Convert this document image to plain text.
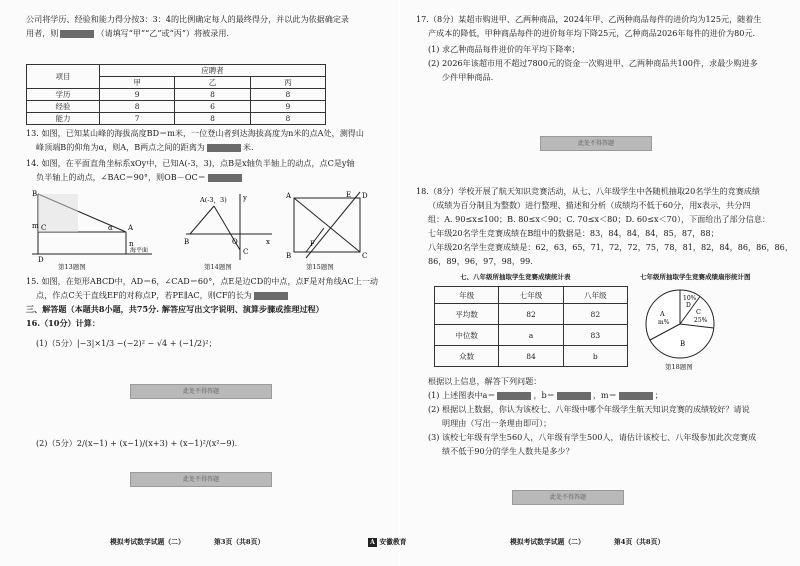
公司将学历、经验和能力得分按3：3：4的比例确定每人的最终得分，并以此为依据确定录
用者，则	（请填写“甲”“乙”或“丙”）将被录用.
项目	应聘者		
	甲	乙	丙
学历	9	8	8
经验	8	6	9
能力	7	8	8
13. 如图，已知某山峰的海拔高度BD＝m米，一位登山者到达海拔高度为n米的点A处，测得山
峰顶端B的仰角为α，则A，B两点之间的距离为	米.
14. 如图，在平面直角坐标系xOy中，已知A(-3，3)，点B是x轴负半轴上的动点，点C是y轴
负半轴上的动点，∠BAC＝90°，则OB－OC＝
B
m C	α A
n
D
海平面
第13题图
A(-3，3) y
B	O	x
C
第14题图
A	E D
B
F
C
第15题图
15. 如图，在矩形ABCD中，AD＝6，∠CAD＝60°，点E是边CD的中点，点F是对角线AC上一动
点，作点C关于直线EF的对称点P，若PE∥AC，则CF的长为
三、解答题（本题共8小题，共75分. 解答应写出文字说明、演算步骤或推理过程）
16.（10分）计算：
(1)（5分）|−3|×1/3 −(−2)² − √4 + (−1/2)²；
此处不得答题
(2)（5分）2/(x−1) + (x−1)/(x+3) + (x−1)²/(x²−9).
此处不得答题
模拟考试数学试题（二）	第3页（共8页）
17.（8分）某超市购进甲、乙两种商品，2024年甲、乙两种商品每件的进价均为125元，随着生
产成本的降低，甲种商品每件的进价每年均下降25元，乙种商品2026年每件的进价为80元.
(1) 求乙种商品每件进价的年平均下降率；
(2) 2026年该超市用不超过7800元的资金一次购进甲、乙两种商品共100件，求最少购进多
少件甲种商品.
此处不得答题
18.（8分）学校开展了航天知识竞赛活动，从七、八年级学生中各随机抽取20名学生的竞赛成绩
（成绩为百分制且为整数）进行整理、描述和分析（成绩均不低于60分，用x表示，共分四
组：A. 90≤x≤100；B. 80≤x＜90；C. 70≤x＜80；D. 60≤x＜70），下面给出了部分信息：
七年级20名学生竞赛成绩在B组中的数据是：83，84，84，84，85，87，88；
八年级20名学生竞赛成绩是：62，63，65，71，72，72，75，78，81，82，84，86，86，86，
86，89，96，97，98，99.
七、八年级所抽取学生竞赛成绩统计表
年级	七年级	八年级
平均数	82	82
中位数	a	83
众数	84	b
七年级所抽取学生竞赛成绩扇形统计图
10%
D
C
25%
A
m%
B
第18题图
根据以上信息，解答下列问题：
(1) 上述图表中a＝	，b＝	，m＝	；
(2) 根据以上数据，你认为该校七、八年级中哪个年级学生航天知识竞赛的成绩较好？请说
明理由（写出一条理由即可）；
(3) 该校七年级有学生560人，八年级有学生500人，请估计该校七、八年级参加此次竞赛成
绩不低于90分的学生人数共是多少？
此处不得答题
A 安徽教育	模拟考试数学试题（二）	第4页（共8页）
